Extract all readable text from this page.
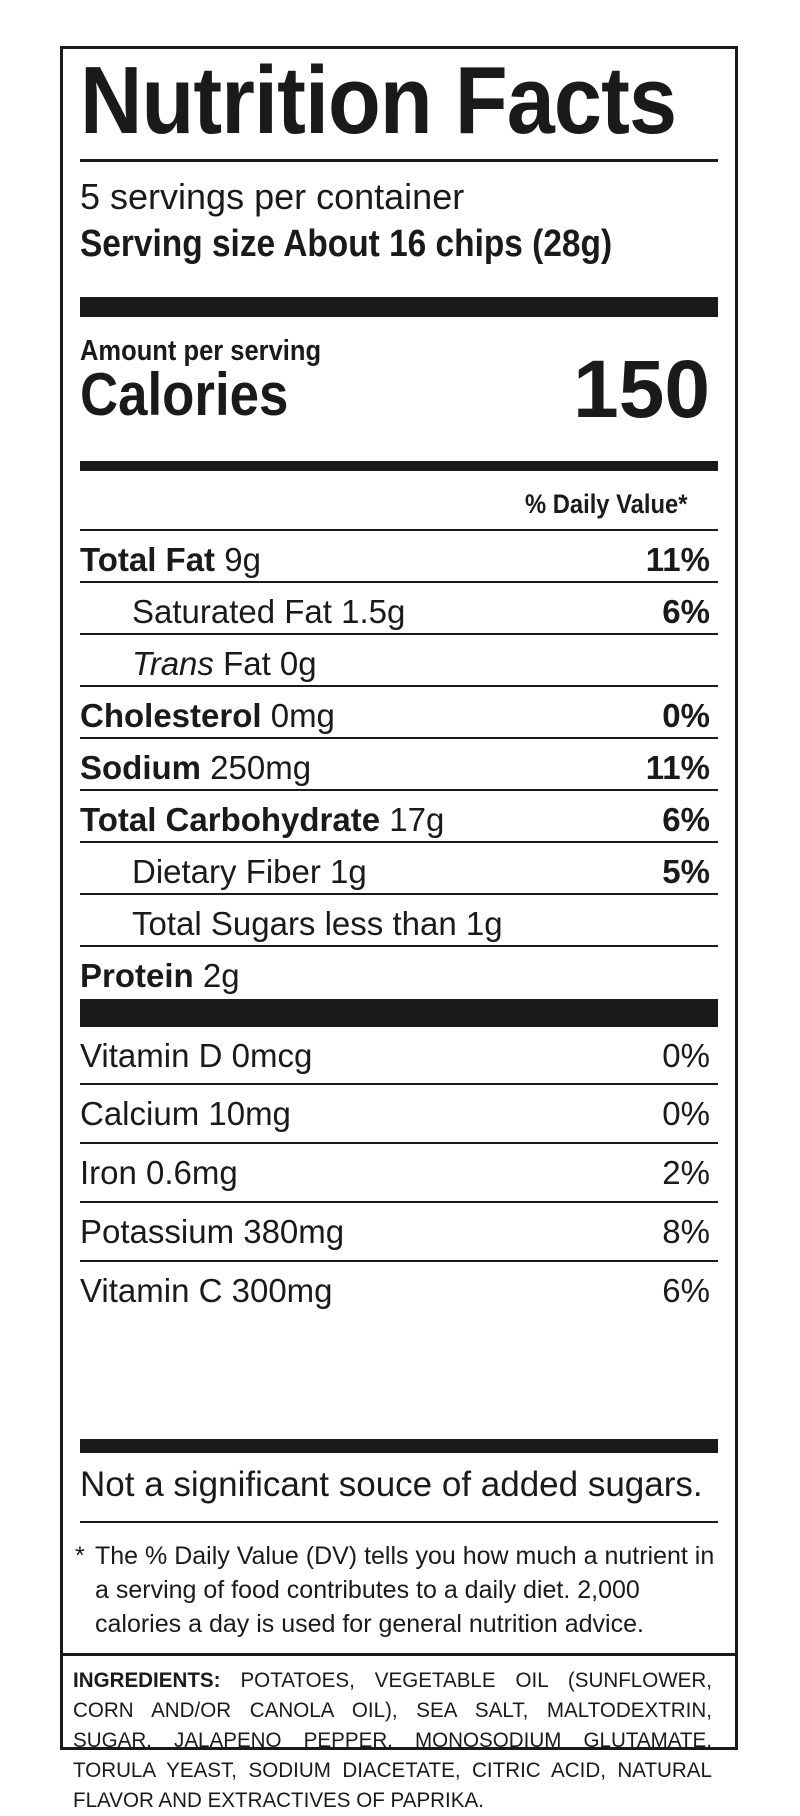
Nutrition Facts
5 servings per container
Serving size About 16 chips (28g)
Amount per serving
Calories	150
% Daily Value*
Total Fat 9g	11%
Saturated Fat 1.5g	6%
Trans Fat 0g
Cholesterol 0mg	0%
Sodium 250mg	11%
Total Carbohydrate 17g	6%
Dietary Fiber 1g	5%
Total Sugars less than 1g
Protein 2g
Vitamin D 0mcg	0%
Calcium 10mg	0%
Iron 0.6mg	2%
Potassium 380mg	8%
Vitamin C 300mg	6%
Not a significant souce of added sugars.
* The % Daily Value (DV) tells you how much a nutrient in a serving of food contributes to a daily diet. 2,000 calories a day is used for general nutrition advice.
INGREDIENTS: POTATOES, VEGETABLE OIL (SUNFLOWER, CORN AND/OR CANOLA OIL), SEA SALT, MALTODEXTRIN, SUGAR, JALAPENO PEPPER, MONOSODIUM GLUTAMATE, TORULA YEAST, SODIUM DIACETATE, CITRIC ACID, NATURAL FLAVOR AND EXTRACTIVES OF PAPRIKA.
